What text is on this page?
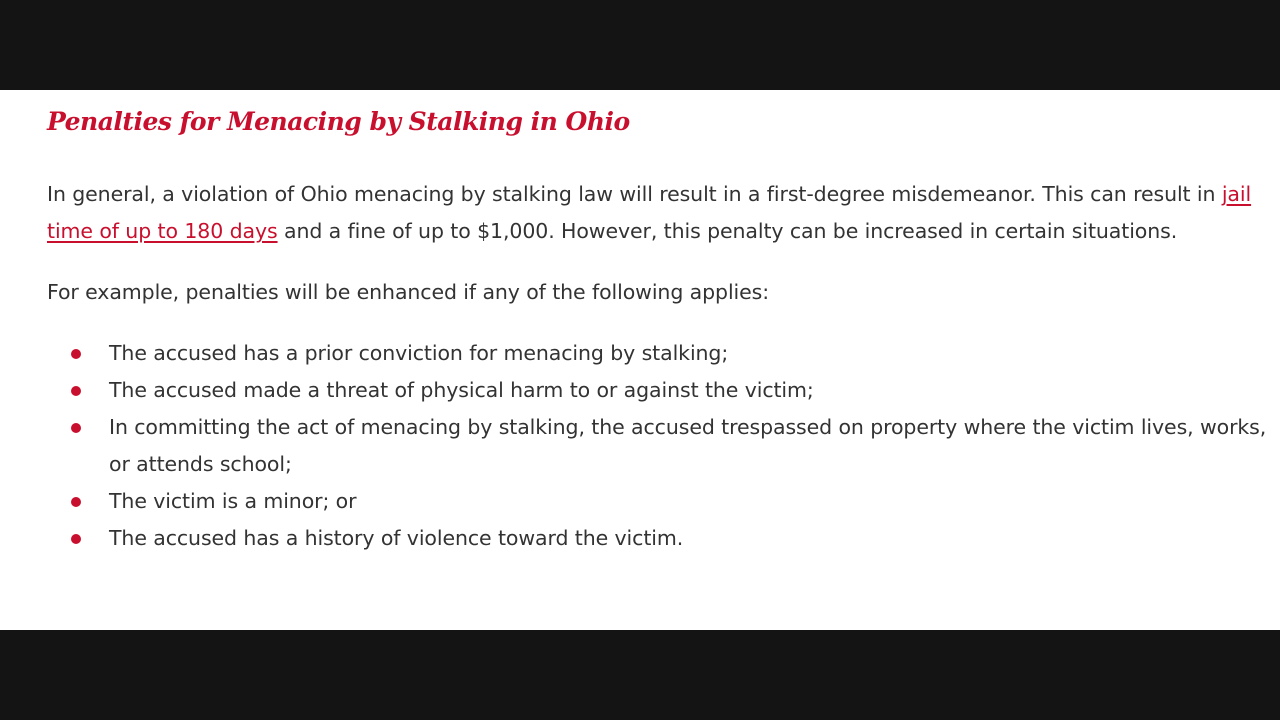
Penalties for Menacing by Stalking in Ohio

In general, a violation of Ohio menacing by stalking law will result in a first-degree misdemeanor. This can result in jail time of up to 180 days and a fine of up to $1,000. However, this penalty can be increased in certain situations.

For example, penalties will be enhanced if any of the following applies:

The accused has a prior conviction for menacing by stalking;
The accused made a threat of physical harm to or against the victim;
In committing the act of menacing by stalking, the accused trespassed on property where the victim lives, works, or attends school;
The victim is a minor; or
The accused has a history of violence toward the victim.
